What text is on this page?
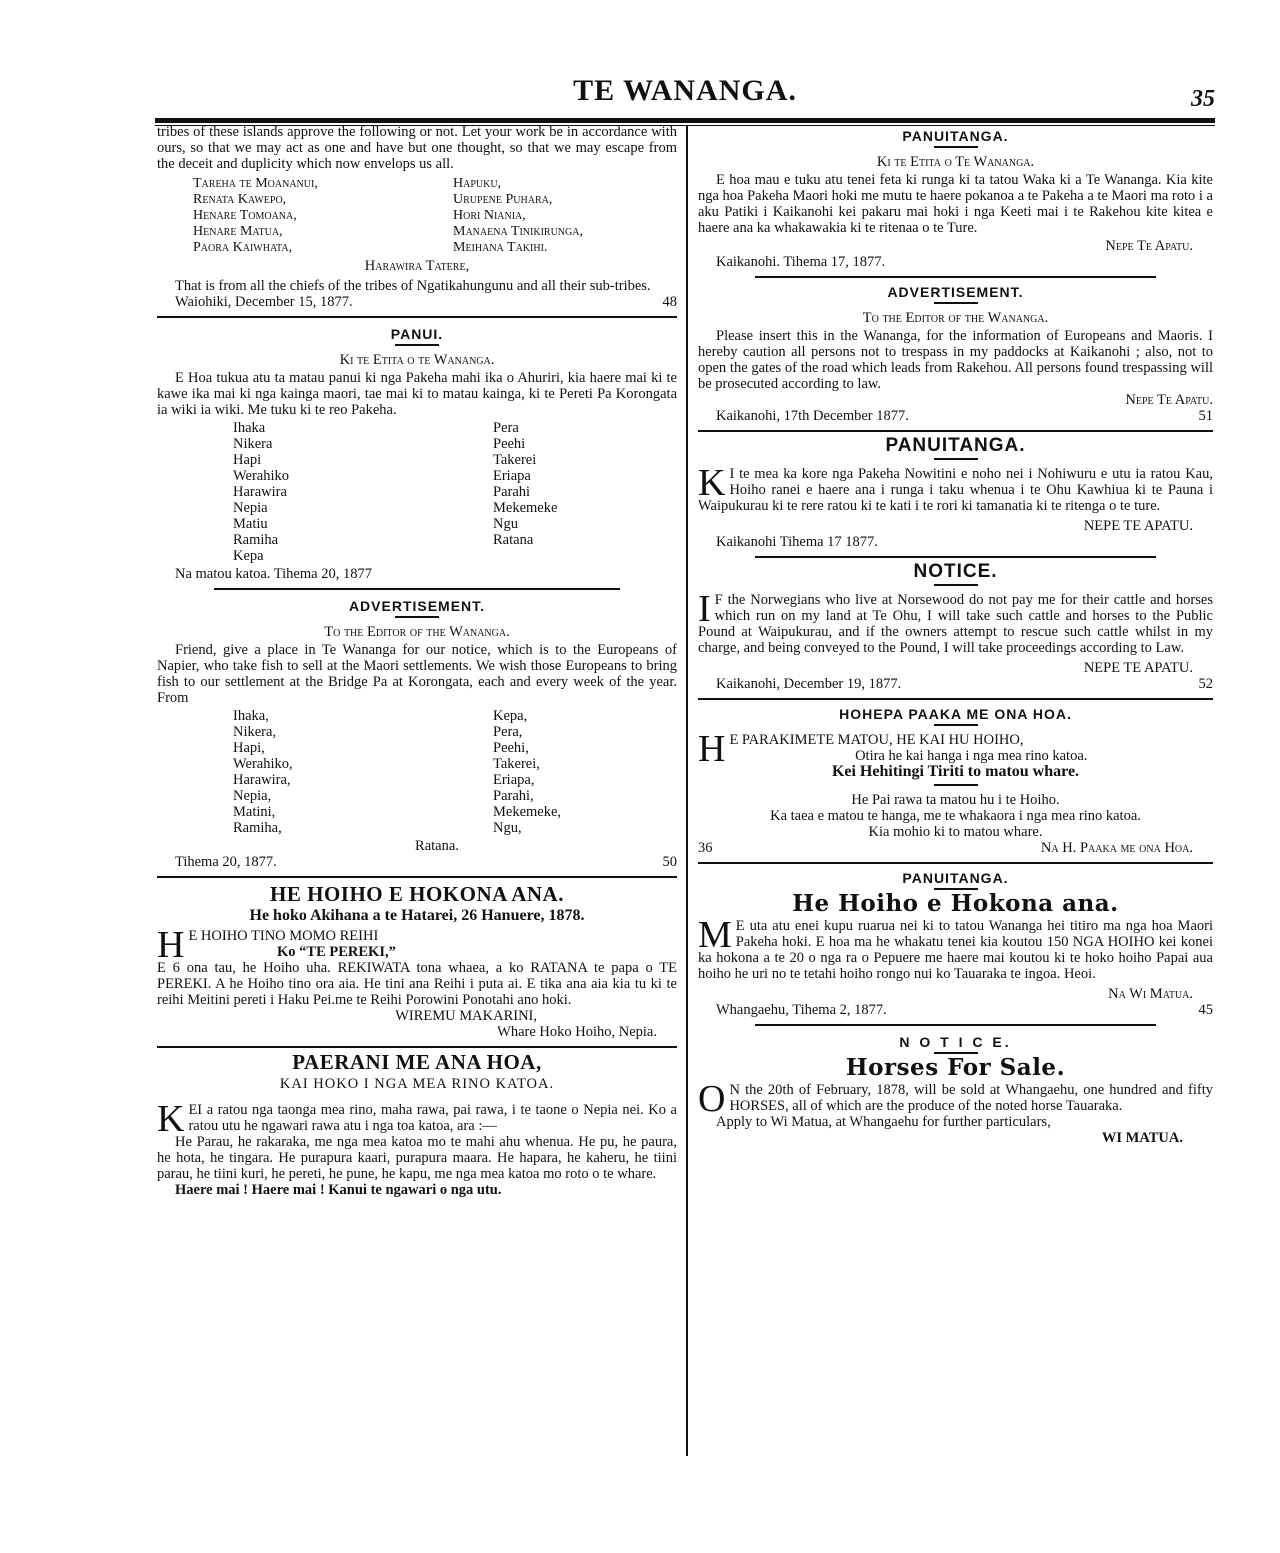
TE WANANGA.	35

tribes of these islands approve the following or not. Let your work be in accordance with ours, so that we may act as one and have but one thought, so that we may escape from the deceit and duplicity which now envelops us all.

Tareha te Moananui,	Hapuku,
Renata Kawepo,	Urupene Puhara,
Henare Tomoana,	Hori Niania,
Henare Matua,	Manaena Tinikirunga,
Paora Kaiwhata,	Meihana Takihi.
Harawira Tatere,

That is from all the chiefs of the tribes of Ngatikahungunu and all their sub-tribes.

Waiohiki, December 15, 1877.	48
PANUI.
Ki te Etita o te Wananga.

E Hoa tukua atu ta matau panui ki nga Pakeha mahi ika o Ahuriri, kia haere mai ki te kawe ika mai ki nga kainga maori, tae mai ki to matau kainga, ki te Pereti Pa Korongata ia wiki ia wiki. Me tuku ki te reo Pakeha.

Ihaka	Pera
Nikera	Peehi
Hapi	Takerei
Werahiko	Eriapa
Harawira	Parahi
Nepia	Mekemeke
Matiu	Ngu
Ramiha	Ratana
Kepa
Na matou katoa. Tihema 20, 1877
ADVERTISEMENT.
To the Editor of the Wananga.

Friend, give a place in Te Wananga for our notice, which is to the Europeans of Napier, who take fish to sell at the Maori settlements. We wish those Europeans to bring fish to our settlement at the Bridge Pa at Korongata, each and every week of the year. From

Ihaka,	Kepa,
Nikera,	Pera,
Hapi,	Peehi,
Werahiko,	Takerei,
Harawira,	Eriapa,
Nepia,	Parahi,
Matini,	Mekemeke,
Ramiha,	Ngu,
Ratana.
Tihema 20, 1877.	50
HE HOIHO E HOKONA ANA.
He hoko Akihana a te Hatarei, 26 Hanuere, 1878.
H E HOIHO TINO MOMO REIHI
Ko “TE PEREKI,”

E 6 ona tau, he Hoiho uha. REKIWATA tona whaea, a ko RATANA te papa o TE PEREKI. A he Hoiho tino ora aia. He tini ana Reihi i puta ai. E tika ana aia kia tu ki te reihi Meitini pereti i Haku Pei.me te Reihi Porowini Ponotahi ano hoki.

WIREMU MAKARINI,
Whare Hoko Hoiho, Nepia.
PAERANI ME ANA HOA,
KAI HOKO I NGA MEA RINO KATOA.
K EI a ratou nga taonga mea rino, maha rawa, pai rawa, i te taone o Nepia nei. Ko a ratou utu he ngawari rawa atu i nga toa katoa, ara :—

He Parau, he rakaraka, me nga mea katoa mo te mahi ahu whenua. He pu, he paura, he hota, he tingara. He purapura kaari, purapura maara. He hapara, he kaheru, he tiini parau, he tiini kuri, he pereti, he pune, he kapu, me nga mea katoa mo roto o te whare.

Haere mai ! Haere mai ! Kanui te ngawari o nga utu.
PANUITANGA.
Ki te Etita o Te Wananga.

E hoa mau e tuku atu tenei feta ki runga ki ta tatou Waka ki a Te Wananga. Kia kite nga hoa Pakeha Maori hoki me mutu te haere pokanoa a te Pakeha a te Maori ma roto i a aku Patiki i Kaikanohi kei pakaru mai hoki i nga Keeti mai i te Rakehou kite kitea e haere ana ka whakawakia ki te ritenaa o te Ture.

Nepe Te Apatu.
Kaikanohi. Tihema 17, 1877.
ADVERTISEMENT.
To the Editor of the Wananga.

Please insert this in the Wananga, for the information of Europeans and Maoris. I hereby caution all persons not to trespass in my paddocks at Kaikanohi ; also, not to open the gates of the road which leads from Rakehou. All persons found trespassing will be prosecuted according to law.

Nepe Te Apatu.
Kaikanohi, 17th December 1877.	51
PANUITANGA.
K I te mea ka kore nga Pakeha Nowitini e noho nei i Nohiwuru e utu ia ratou Kau, Hoiho ranei e haere ana i runga i taku whenua i te Ohu Kawhiua ki te Pauna i Waipukurau ki te rere ratou ki te kati i te rori ki tamanatia ki te ritenga o te ture.

NEPE TE APATU.
Kaikanohi Tihema 17 1877.
NOTICE.
I F the Norwegians who live at Norsewood do not pay me for their cattle and horses which run on my land at Te Ohu, I will take such cattle and horses to the Public Pound at Waipukurau, and if the owners attempt to rescue such cattle whilst in my charge, and being conveyed to the Pound, I will take proceedings according to Law.

NEPE TE APATU.
Kaikanohi, December 19, 1877.	52
HOHEPA PAAKA ME ONA HOA.
H E PARAKIMETE MATOU, HE KAI HU HOIHO,
Otira he kai hanga i nga mea rino katoa.
Kei Hehitingi Tiriti to matou whare.
He Pai rawa ta matou hu i te Hoiho.
Ka taea e matou te hanga, me te whakaora i nga mea rino katoa.
Kia mohio ki to matou whare.
36	Na H. Paaka me ona Hoa.
PANUITANGA.
He Hoiho e Hokona ana.
M E uta atu enei kupu ruarua nei ki to tatou Wananga hei titiro ma nga hoa Maori Pakeha hoki. E hoa ma he whakatu tenei kia koutou 150 NGA HOIHO kei konei ka hokona a te 20 o nga ra o Pepuere me haere mai koutou ki te hoko hoiho Papai aua hoiho he uri no te tetahi hoiho rongo nui ko Tauaraka te ingoa. Heoi.

Na Wi Matua.
Whangaehu, Tihema 2, 1877.	45
N O T I C E.
Horses For Sale.
O N the 20th of February, 1878, will be sold at Whangaehu, one hundred and fifty HORSES, all of which are the produce of the noted horse Tauaraka.

Apply to Wi Matua, at Whangaehu for further particulars,

WI MATUA.
